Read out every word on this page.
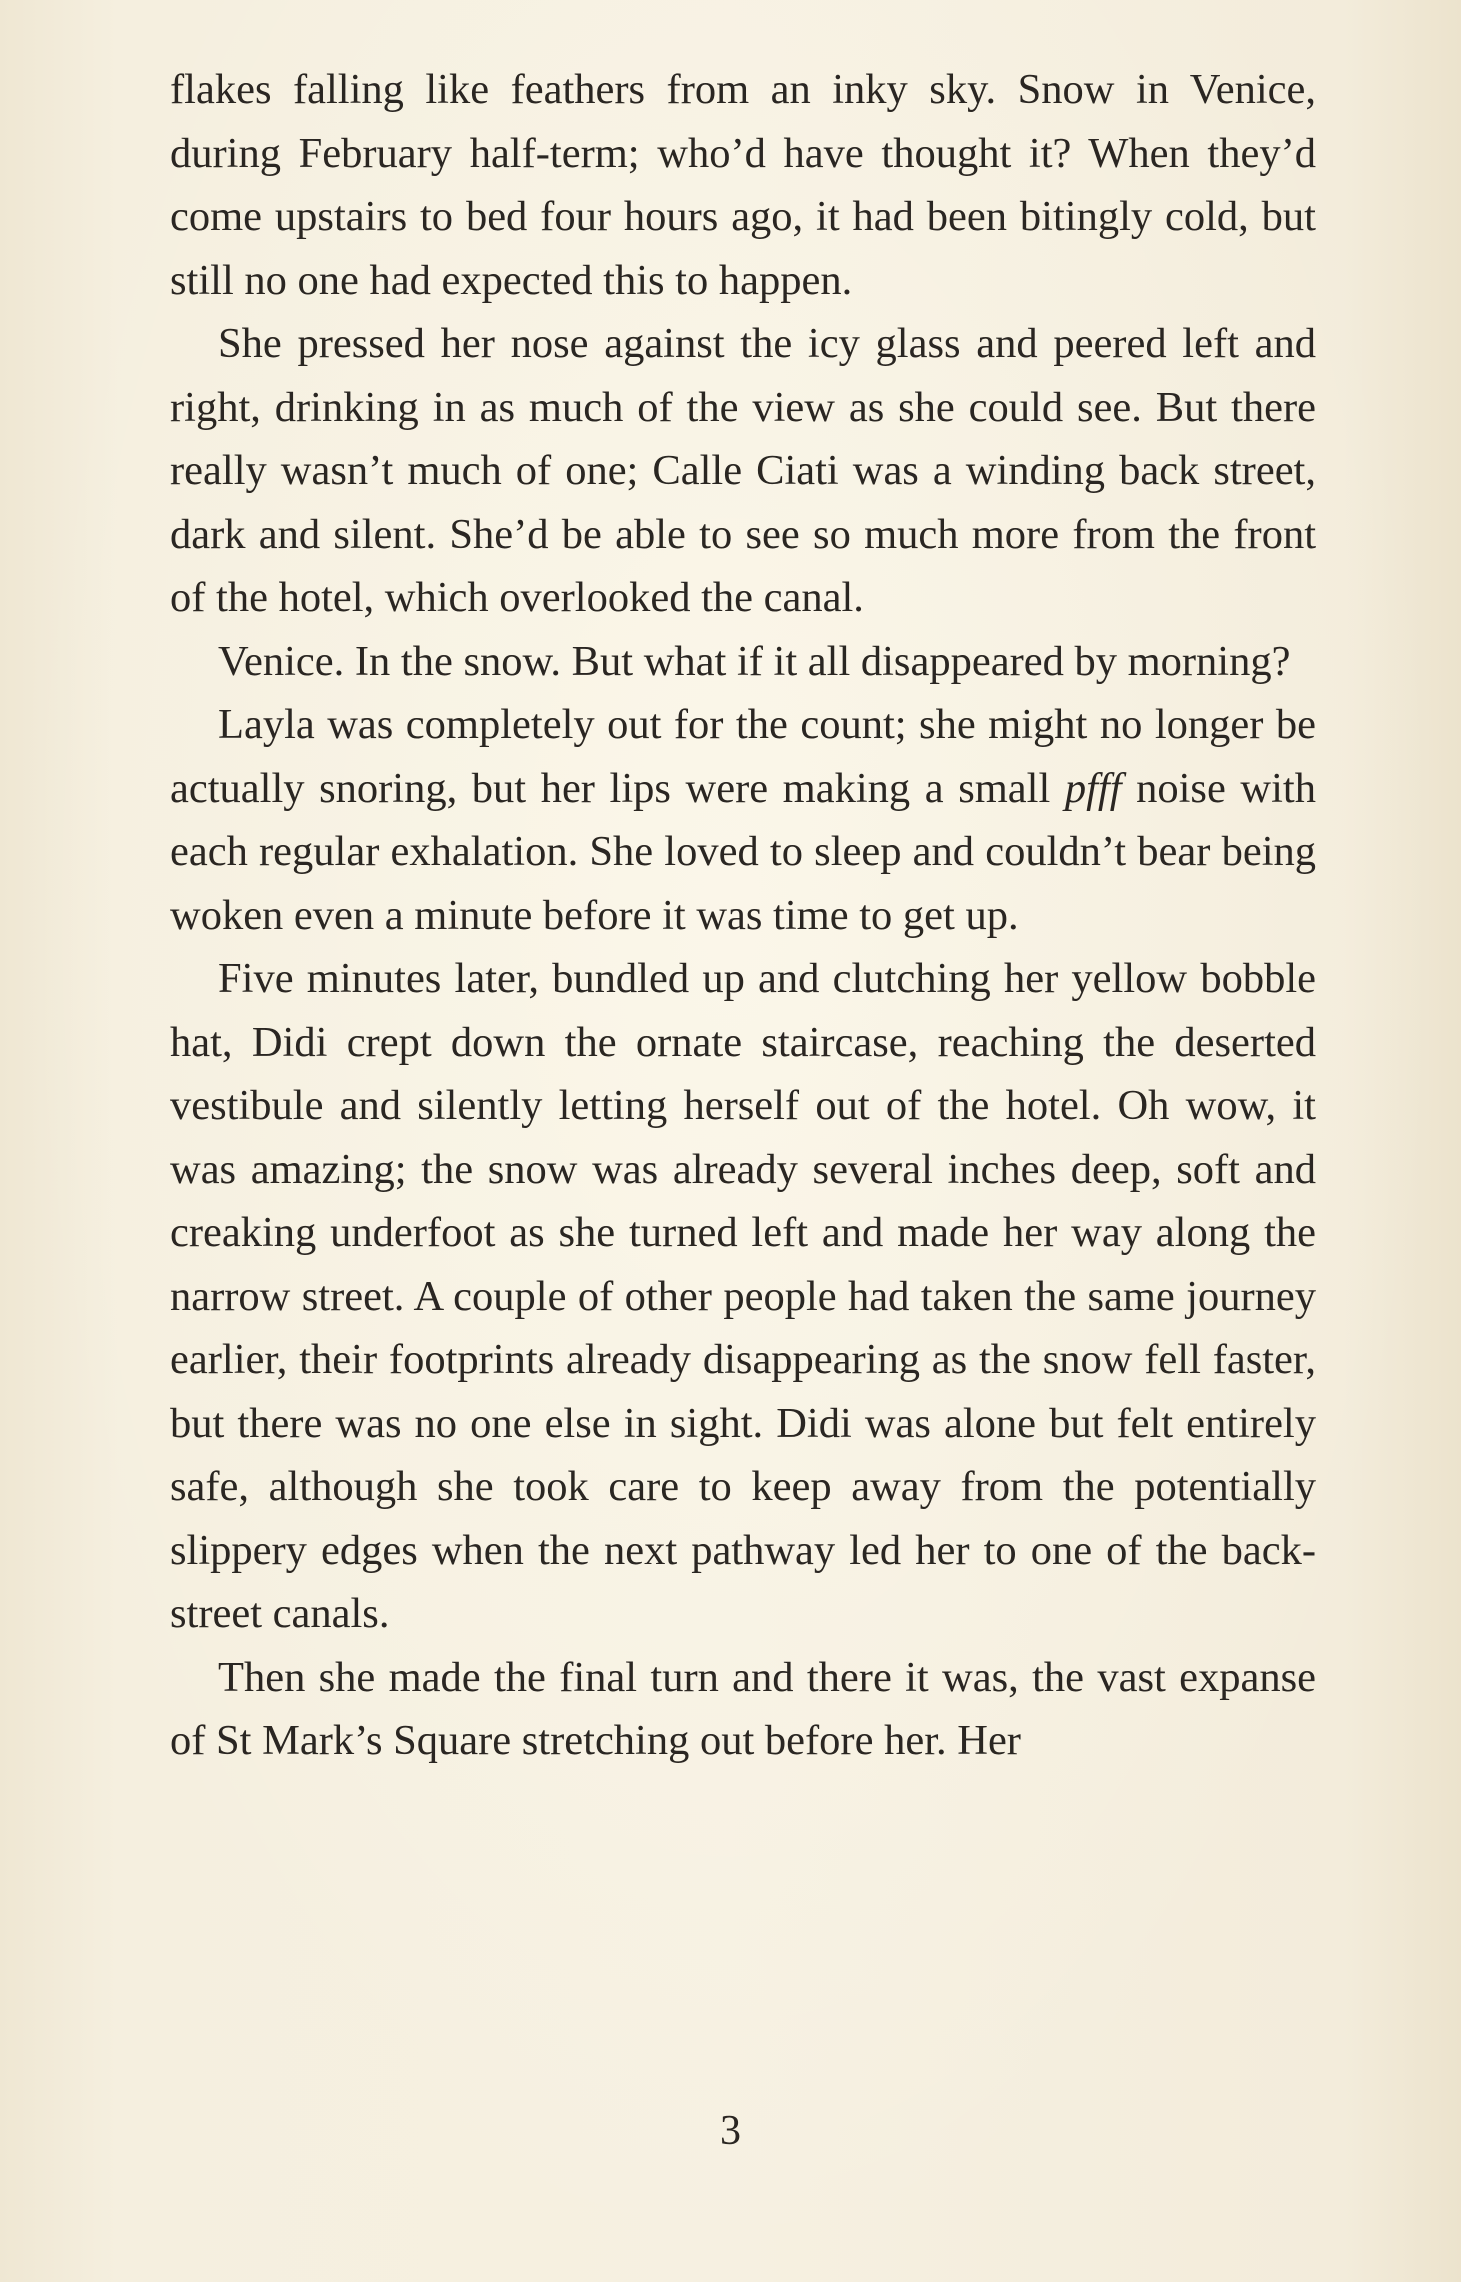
flakes falling like feathers from an inky sky. Snow in Venice, during February half-term; who’d have thought it? When they’d come upstairs to bed four hours ago, it had been bitingly cold, but still no one had expected this to happen.

She pressed her nose against the icy glass and peered left and right, drinking in as much of the view as she could see. But there really wasn’t much of one; Calle Ciati was a winding back street, dark and silent. She’d be able to see so much more from the front of the hotel, which overlooked the canal.

Venice. In the snow. But what if it all disappeared by morning?

Layla was completely out for the count; she might no longer be actually snoring, but her lips were making a small pfff noise with each regular exhalation. She loved to sleep and couldn’t bear being woken even a minute before it was time to get up.

Five minutes later, bundled up and clutching her yellow bobble hat, Didi crept down the ornate staircase, reaching the deserted vestibule and silently letting herself out of the hotel. Oh wow, it was amazing; the snow was already several inches deep, soft and creaking underfoot as she turned left and made her way along the narrow street. A couple of other people had taken the same journey earlier, their footprints already disappearing as the snow fell faster, but there was no one else in sight. Didi was alone but felt entirely safe, although she took care to keep away from the potentially slippery edges when the next pathway led her to one of the back-street canals.

Then she made the final turn and there it was, the vast expanse of St Mark’s Square stretching out before her. Her

3
